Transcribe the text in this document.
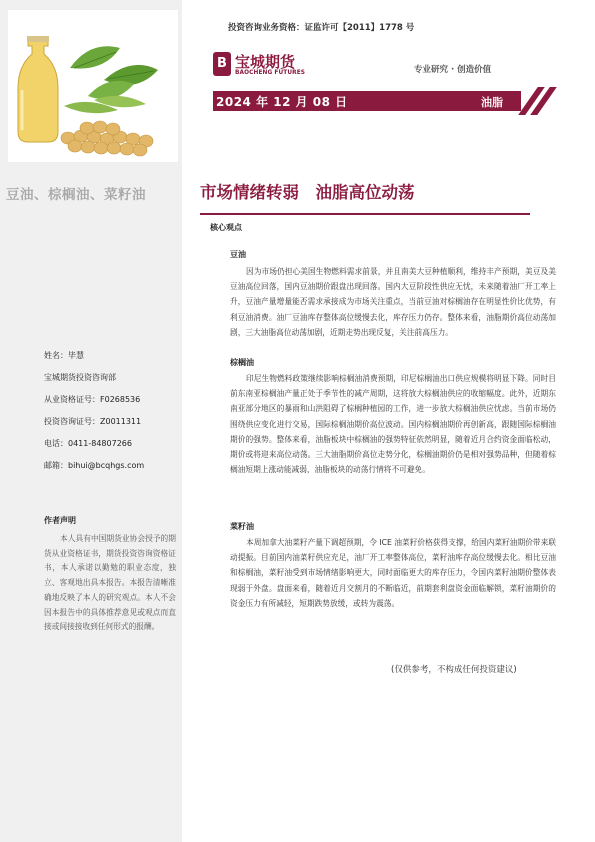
豆油、棕榈油、菜籽油
投资咨询业务资格：证监许可【2011】1778 号
B 宝城期货
BAOCHENG FUTURES	专业研究 · 创造价值
2024 年 12 月 08 日	油脂
市场情绪转弱　油脂高位动荡
核心观点
豆油

因为市场仍担心美国生物燃料需求前景，并且南美大豆种植顺利，维持丰产预期，美豆及美豆油高位回落，国内豆油期价跟盘出现回落。国内大豆阶段性供应无忧，未来随着油厂开工率上升，豆油产量增量能否需求承接成为市场关注重点，当前豆油对棕榈油存在明显性价比优势，有利豆油消费。油厂豆油库存整体高位缓慢去化，库存压力仍存。整体来看，油脂期价高位动荡加剧，三大油脂高位动荡加剧，近期走势出现反复，关注前高压力。

棕榈油

印尼生物燃料政策继续影响棕榈油消费预期，印尼棕榈油出口供应规模将明显下降。同时目前东南亚棕榈油产量正处于季节性的减产周期，这将放大棕榈油供应的收缩幅度。此外，近期东南亚部分地区的暴雨和山洪阻碍了棕榈种植园的工作，进一步放大棕榈油供应忧虑。当前市场仍围绕供应变化进行交易，国际棕榈油期价高位波动。国内棕榈油期价再创新高，跟随国际棕榈油期价的强势。整体来看，油脂板块中棕榈油的强势特征依然明显，随着近月合约资金面临松动，期价或将迎来高位动荡。三大油脂期价高位走势分化，棕榈油期价仍是相对强势品种，但随着棕榈油短期上涨动能减弱，油脂板块的动荡行情将不可避免。

菜籽油

本周加拿大油菜籽产量下调超预期，令 ICE 油菜籽价格获得支撑，给国内菜籽油期价带来联动提振。目前国内油菜籽供应充足，油厂开工率整体高位，菜籽油库存高位缓慢去化。相比豆油和棕榈油，菜籽油受到市场情绪影响更大，同时面临更大的库存压力，令国内菜籽油期价整体表现弱于外盘。盘面来看，随着近月交割月的不断临近，前期套利盘资金面临解锁，菜籽油期价的资金压力有所减轻，短期跌势放缓，或转为震荡。

(仅供参考，不构成任何投资建议)
姓名：毕慧
宝城期货投资咨询部
从业资格证号：F0268536
投资咨询证号：Z0011311
电话：0411-84807266
邮箱：bihui@bcqhgs.com
作者声明

本人具有中国期货业协会授予的期货从业资格证书，期货投资咨询资格证书，本人承诺以勤勉的职业态度，独立、客观地出具本报告。本报告清晰准确地反映了本人的研究观点。本人不会因本报告中的具体推荐意见或观点而直接或间接接收到任何形式的报酬。
